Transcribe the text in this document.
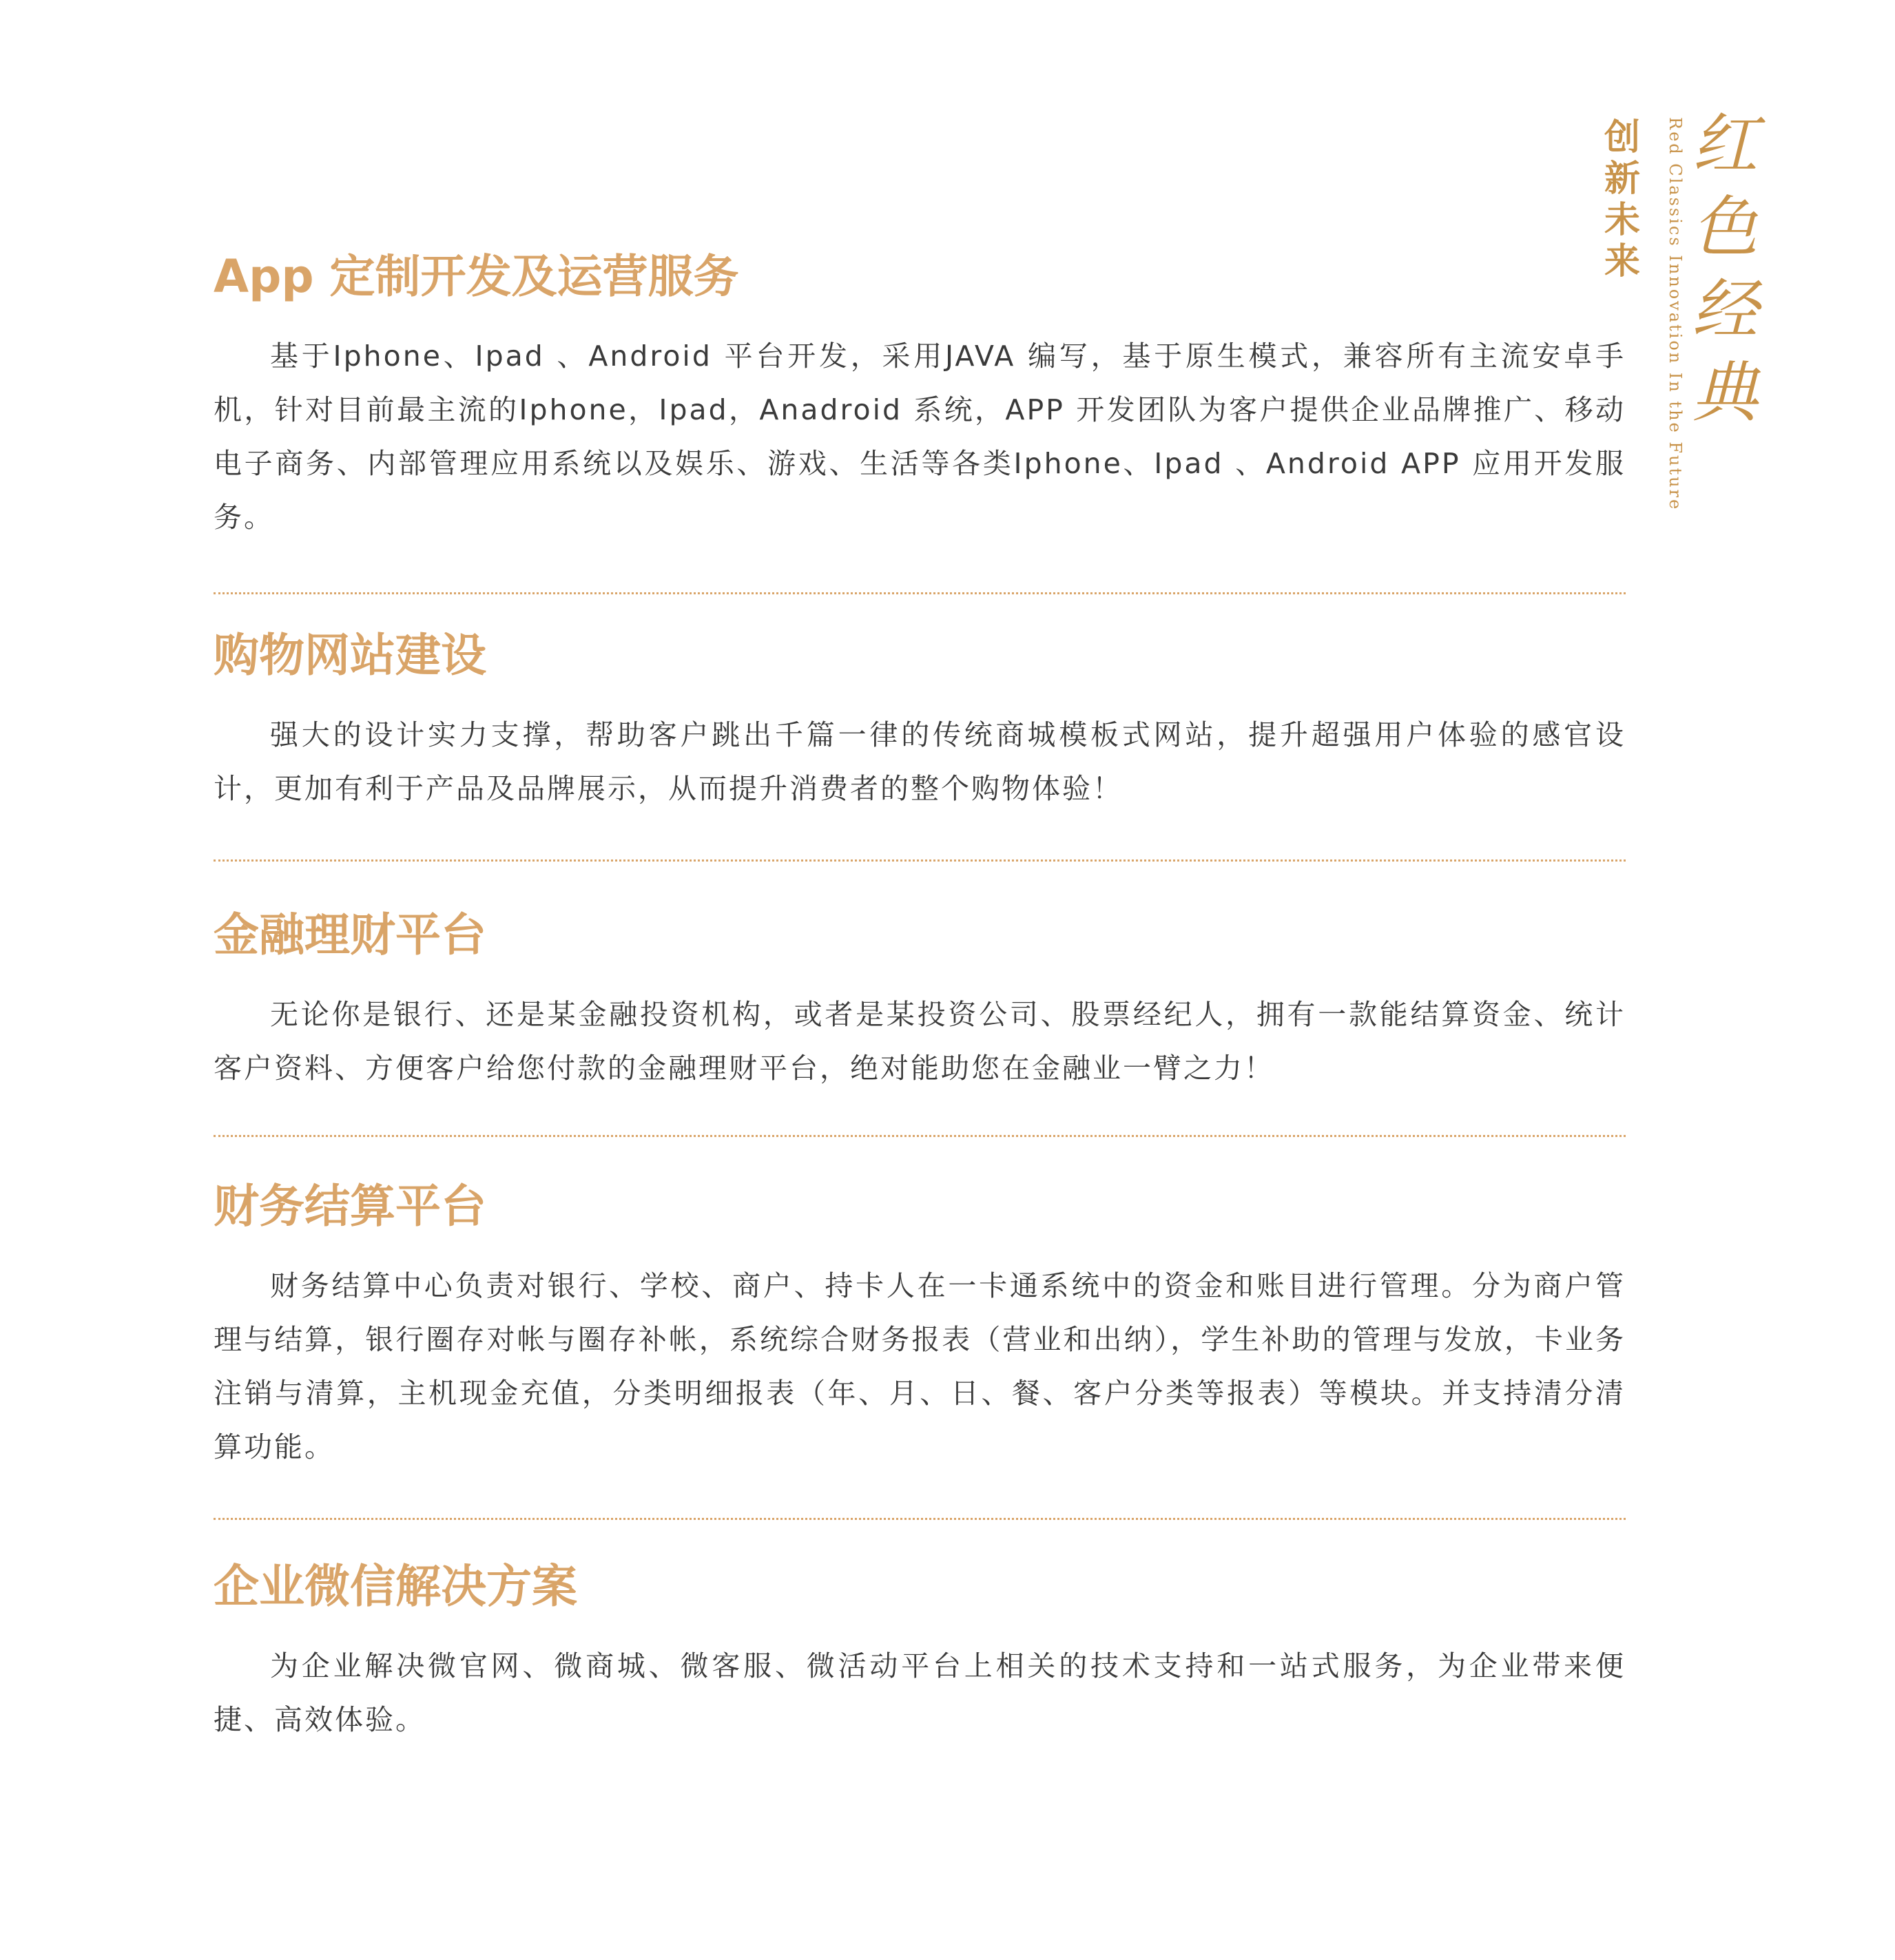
创
新
未
来	Red Classics Innovation In the Future 红
色
经
典
App 定制开发及运营服务

基于Iphone、Ipad 、Android 平台开发，采用JAVA 编写，基于原生模式，兼容所有主流安卓手机，针对目前最主流的Iphone，Ipad，Anadroid 系统，APP 开发团队为客户提供企业品牌推广、移动电子商务、内部管理应用系统以及娱乐、游戏、生活等各类Iphone、Ipad 、Android APP 应用开发服务。

购物网站建设

强大的设计实力支撑，帮助客户跳出千篇一律的传统商城模板式网站，提升超强用户体验的感官设计，更加有利于产品及品牌展示，从而提升消费者的整个购物体验！

金融理财平台

无论你是银行、还是某金融投资机构，或者是某投资公司、股票经纪人，拥有一款能结算资金、统计客户资料、方便客户给您付款的金融理财平台，绝对能助您在金融业一臂之力！

财务结算平台

财务结算中心负责对银行、学校、商户、持卡人在一卡通系统中的资金和账目进行管理。分为商户管理与结算，银行圈存对帐与圈存补帐，系统综合财务报表（营业和出纳），学生补助的管理与发放，卡业务注销与清算，主机现金充值，分类明细报表（年、月、日、餐、客户分类等报表）等模块。并支持清分清算功能。

企业微信解决方案

为企业解决微官网、微商城、微客服、微活动平台上相关的技术支持和一站式服务，为企业带来便捷、高效体验。
